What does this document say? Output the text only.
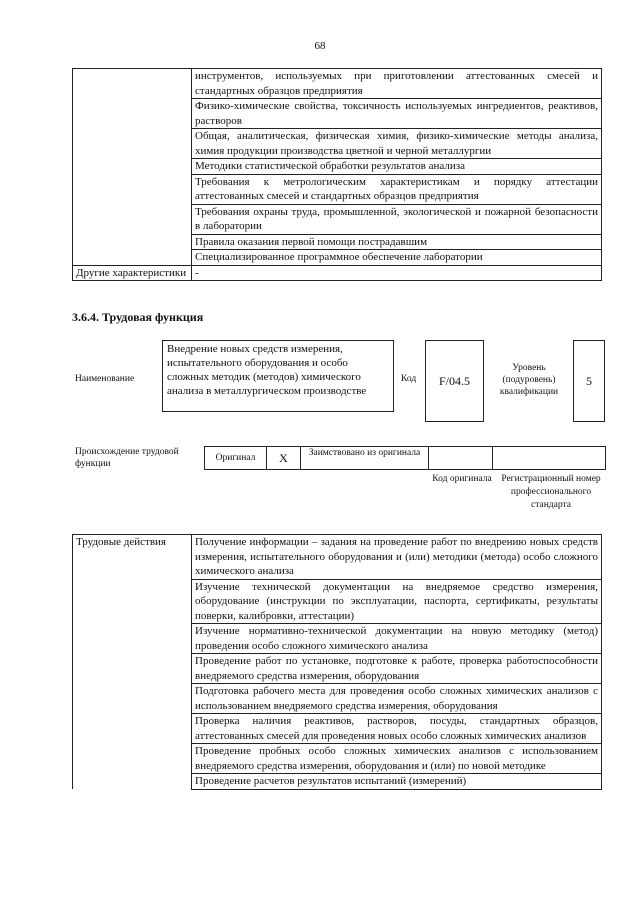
68
	инструментов, используемых при приготовлении аттестованных смесей и стандартных образцов предприятия
	Физико-химические свойства, токсичность используемых ингредиентов, реактивов, растворов
	Общая, аналитическая, физическая химия, физико-химические методы анализа, химия продукции производства цветной и черной металлургии
	Методики статистической обработки результатов анализа
	Требования к метрологическим характеристикам и порядку аттестации аттестованных смесей и стандартных образцов предприятия
	Требования охраны труда, промышленной, экологической и пожарной безопасности в лаборатории
	Правила оказания первой помощи пострадавшим
	Специализированное программное обеспечение лаборатории
Другие характеристики	-
3.6.4. Трудовая функция
Наименование
Внедрение новых средств измерения, испытательного оборудования и особо сложных методик (методов) химического анализа в металлургическом производстве
Код	F/04.5
Уровень (подуровень) квалификации
5
Происхождение трудовой функции
Оригинал	X	Заимствовано из оригинала
Код оригинала	Регистрационный номер профессионального стандарта
Трудовые действия	Получение информации – задания на проведение работ по внедрению новых средств измерения, испытательного оборудования и (или) методики (метода) особо сложного химического анализа
Изучение технической документации на внедряемое средство измерения, оборудование (инструкции по эксплуатации, паспорта, сертификаты, результаты поверки, калибровки, аттестации)
Изучение нормативно-технической документации на новую методику (метод) проведения особо сложного химического анализа
Проведение работ по установке, подготовке к работе, проверка работоспособности внедряемого средства измерения, оборудования
Подготовка рабочего места для проведения особо сложных химических анализов с использованием внедряемого средства измерения, оборудования
Проверка наличия реактивов, растворов, посуды, стандартных образцов, аттестованных смесей для проведения новых особо сложных химических анализов
Проведение пробных особо сложных химических анализов с использованием внедряемого средства измерения, оборудования и (или) по новой методике
Проведение расчетов результатов испытаний (измерений)
